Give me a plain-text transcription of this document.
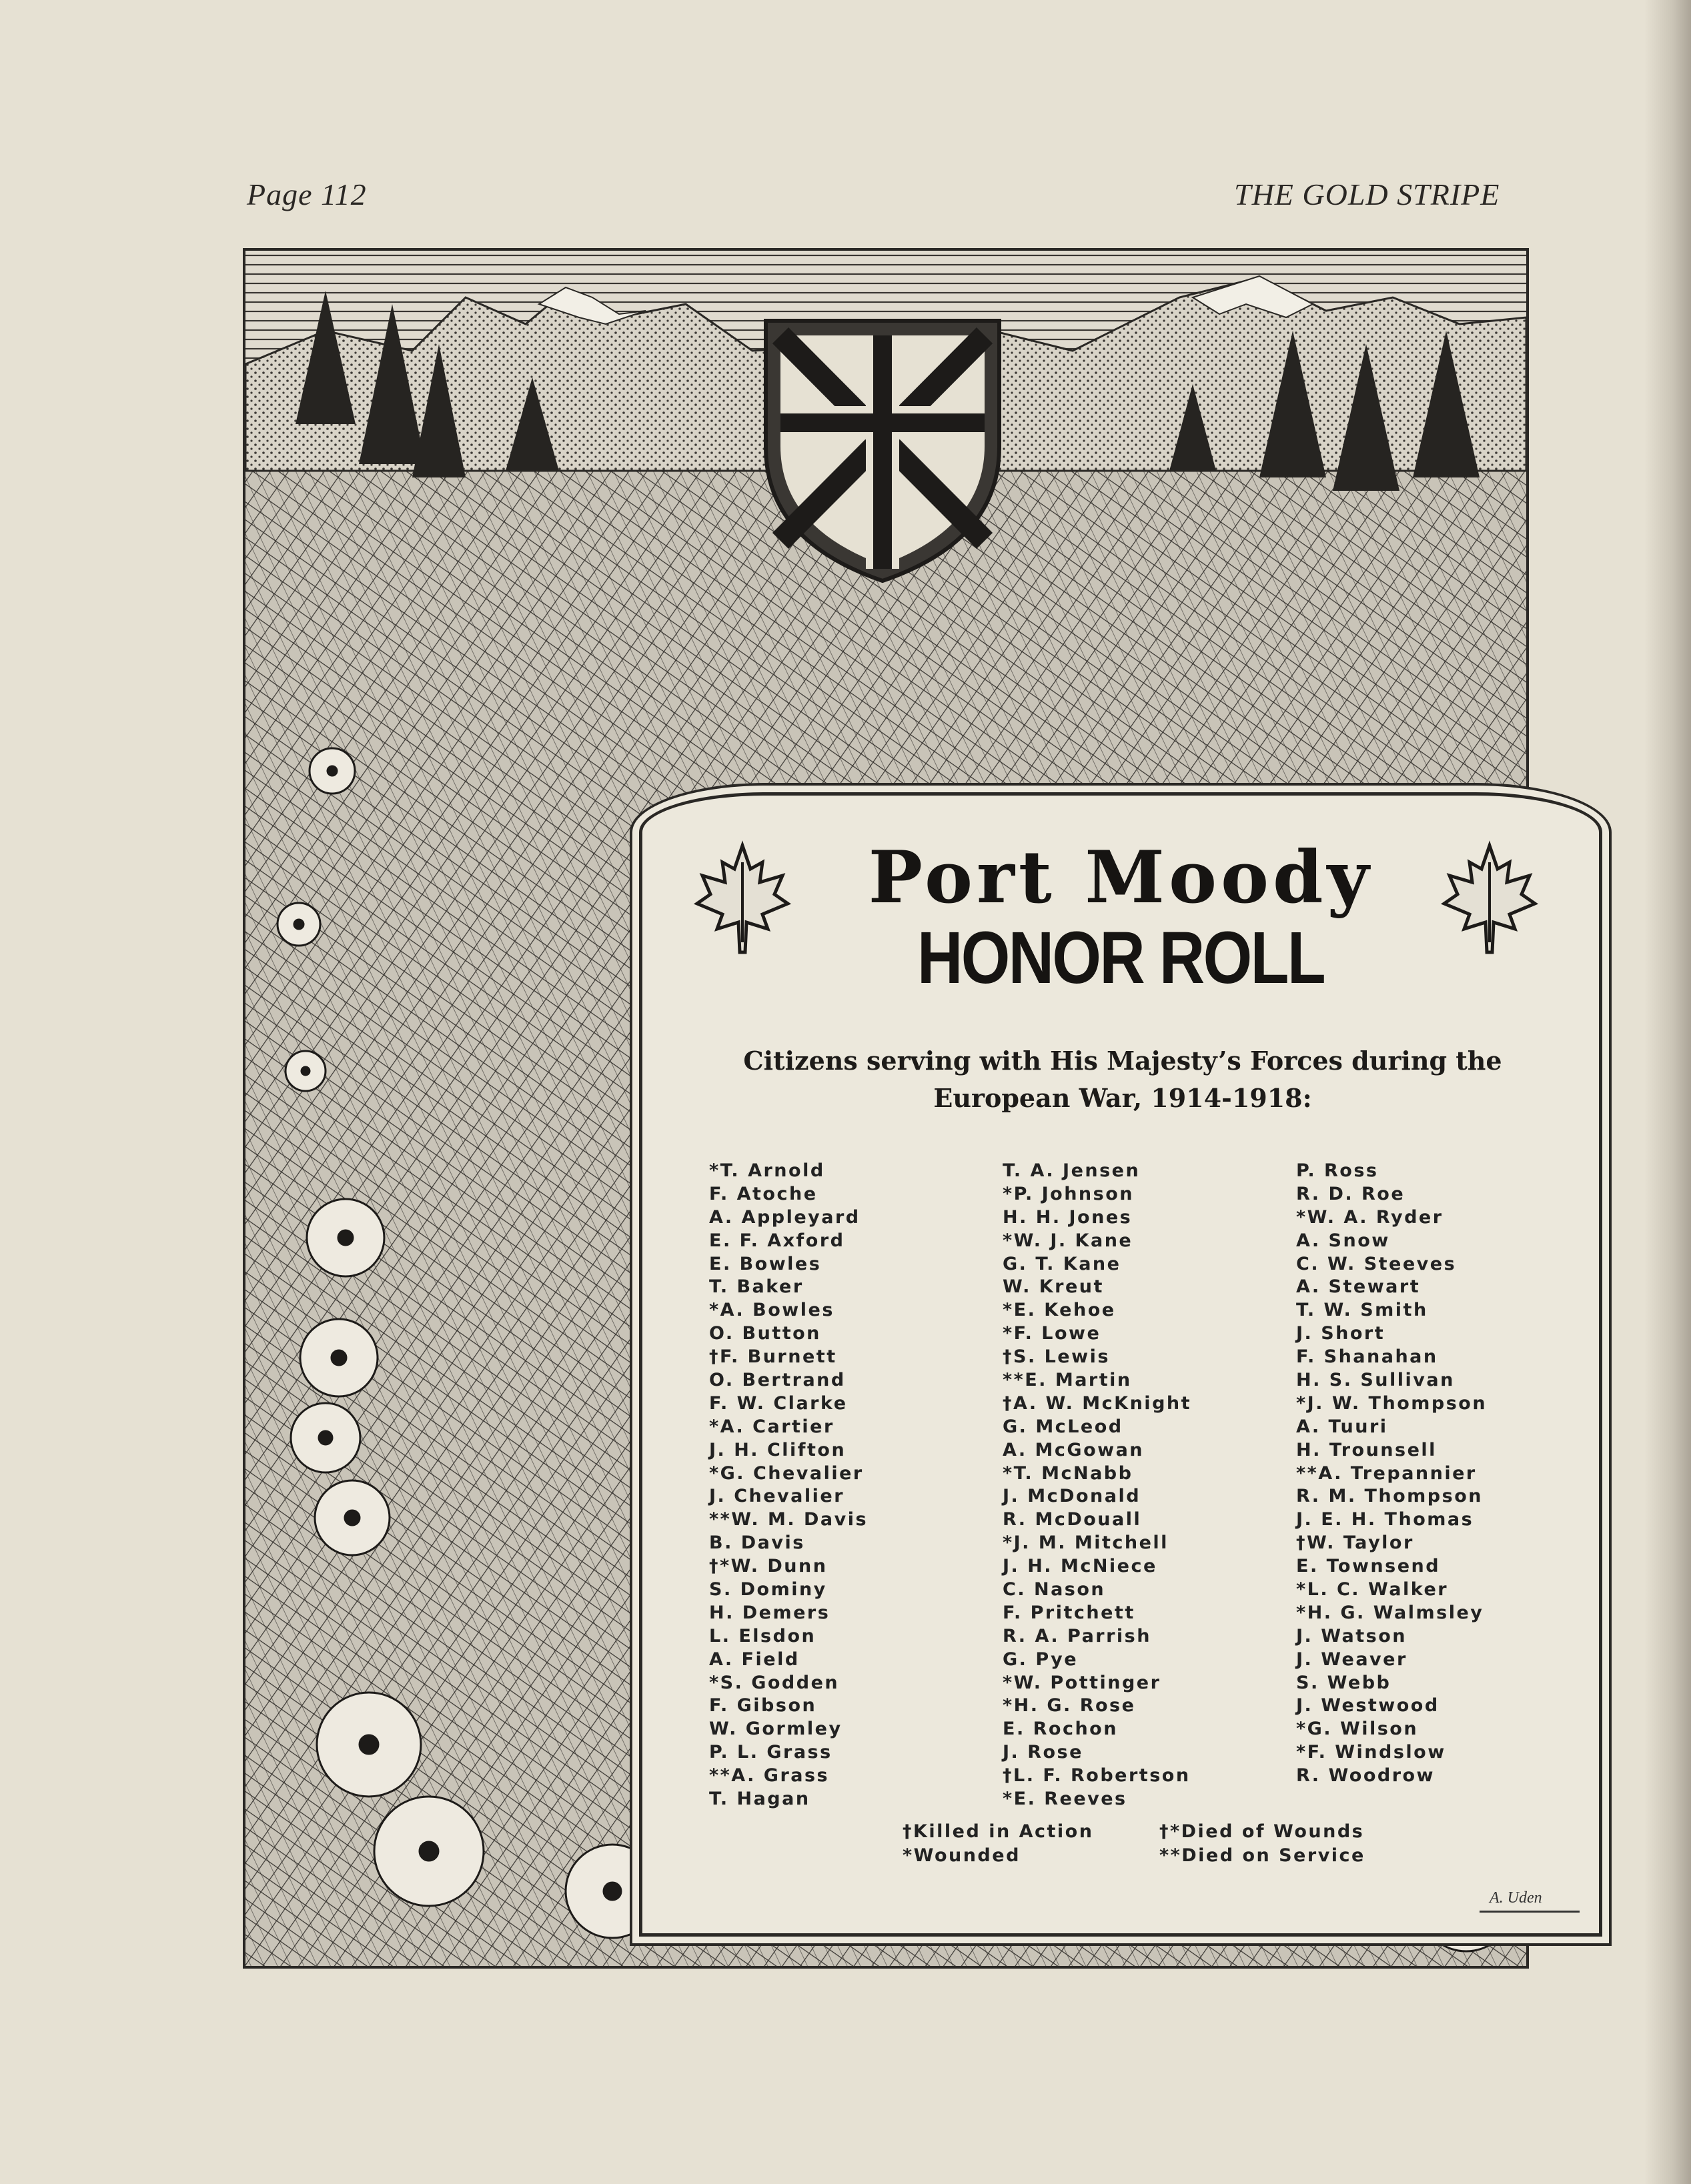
Page 112	THE GOLD STRIPE
Port Moody
HONOR ROLL

Citizens serving with His Majesty’s Forces during the European War, 1914-1918:

*T. Arnold
F. Atoche
A. Appleyard
E. F. Axford
E. Bowles
T. Baker
*A. Bowles
O. Button
†F. Burnett
O. Bertrand
F. W. Clarke
*A. Cartier
J. H. Clifton
*G. Chevalier
J. Chevalier
**W. M. Davis
B. Davis
†*W. Dunn
S. Dominy
H. Demers
L. Elsdon
A. Field
*S. Godden
F. Gibson
W. Gormley
P. L. Grass
**A. Grass
T. Hagan
T. A. Jensen
*P. Johnson
H. H. Jones
*W. J. Kane
G. T. Kane
W. Kreut
*E. Kehoe
*F. Lowe
†S. Lewis
**E. Martin
†A. W. McKnight
G. McLeod
A. McGowan
*T. McNabb
J. McDonald
R. McDouall
*J. M. Mitchell
J. H. McNiece
C. Nason
F. Pritchett
R. A. Parrish
G. Pye
*W. Pottinger
*H. G. Rose
E. Rochon
J. Rose
†L. F. Robertson
*E. Reeves
P. Ross
R. D. Roe
*W. A. Ryder
A. Snow
C. W. Steeves
A. Stewart
T. W. Smith
J. Short
F. Shanahan
H. S. Sullivan
*J. W. Thompson
A. Tuuri
H. Trounsell
**A. Trepannier
R. M. Thompson
J. E. H. Thomas
†W. Taylor
E. Townsend
*L. C. Walker
*H. G. Walmsley
J. Watson
J. Weaver
S. Webb
J. Westwood
*G. Wilson
*F. Windslow
R. Woodrow
†Killed in Action
*Wounded
†*Died of Wounds
**Died on Service
A. Uden
